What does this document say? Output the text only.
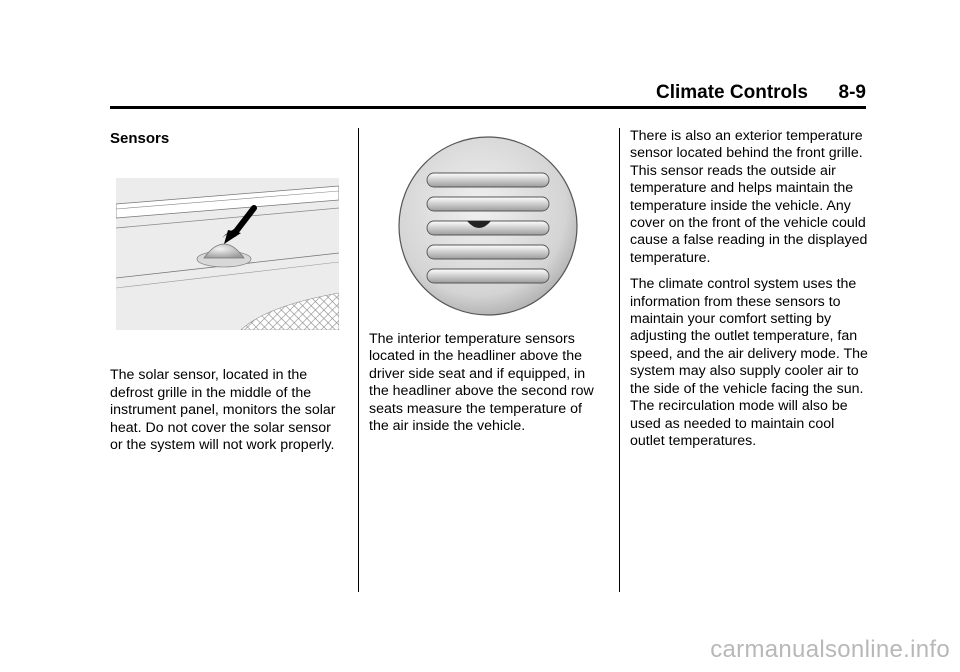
Climate Controls 8-9
Sensors

The solar sensor, located in the defrost grille in the middle of the instrument panel, monitors the solar heat. Do not cover the solar sensor or the system will not work properly.

The interior temperature sensors located in the headliner above the driver side seat and if equipped, in the headliner above the second row seats measure the temperature of the air inside the vehicle.

There is also an exterior temperature sensor located behind the front grille. This sensor reads the outside air temperature and helps maintain the temperature inside the vehicle. Any cover on the front of the vehicle could cause a false reading in the displayed temperature.

The climate control system uses the information from these sensors to maintain your comfort setting by adjusting the outlet temperature, fan speed, and the air delivery mode. The system may also supply cooler air to the side of the vehicle facing the sun. The recirculation mode will also be used as needed to maintain cool outlet temperatures.

carmanualsonline.info
